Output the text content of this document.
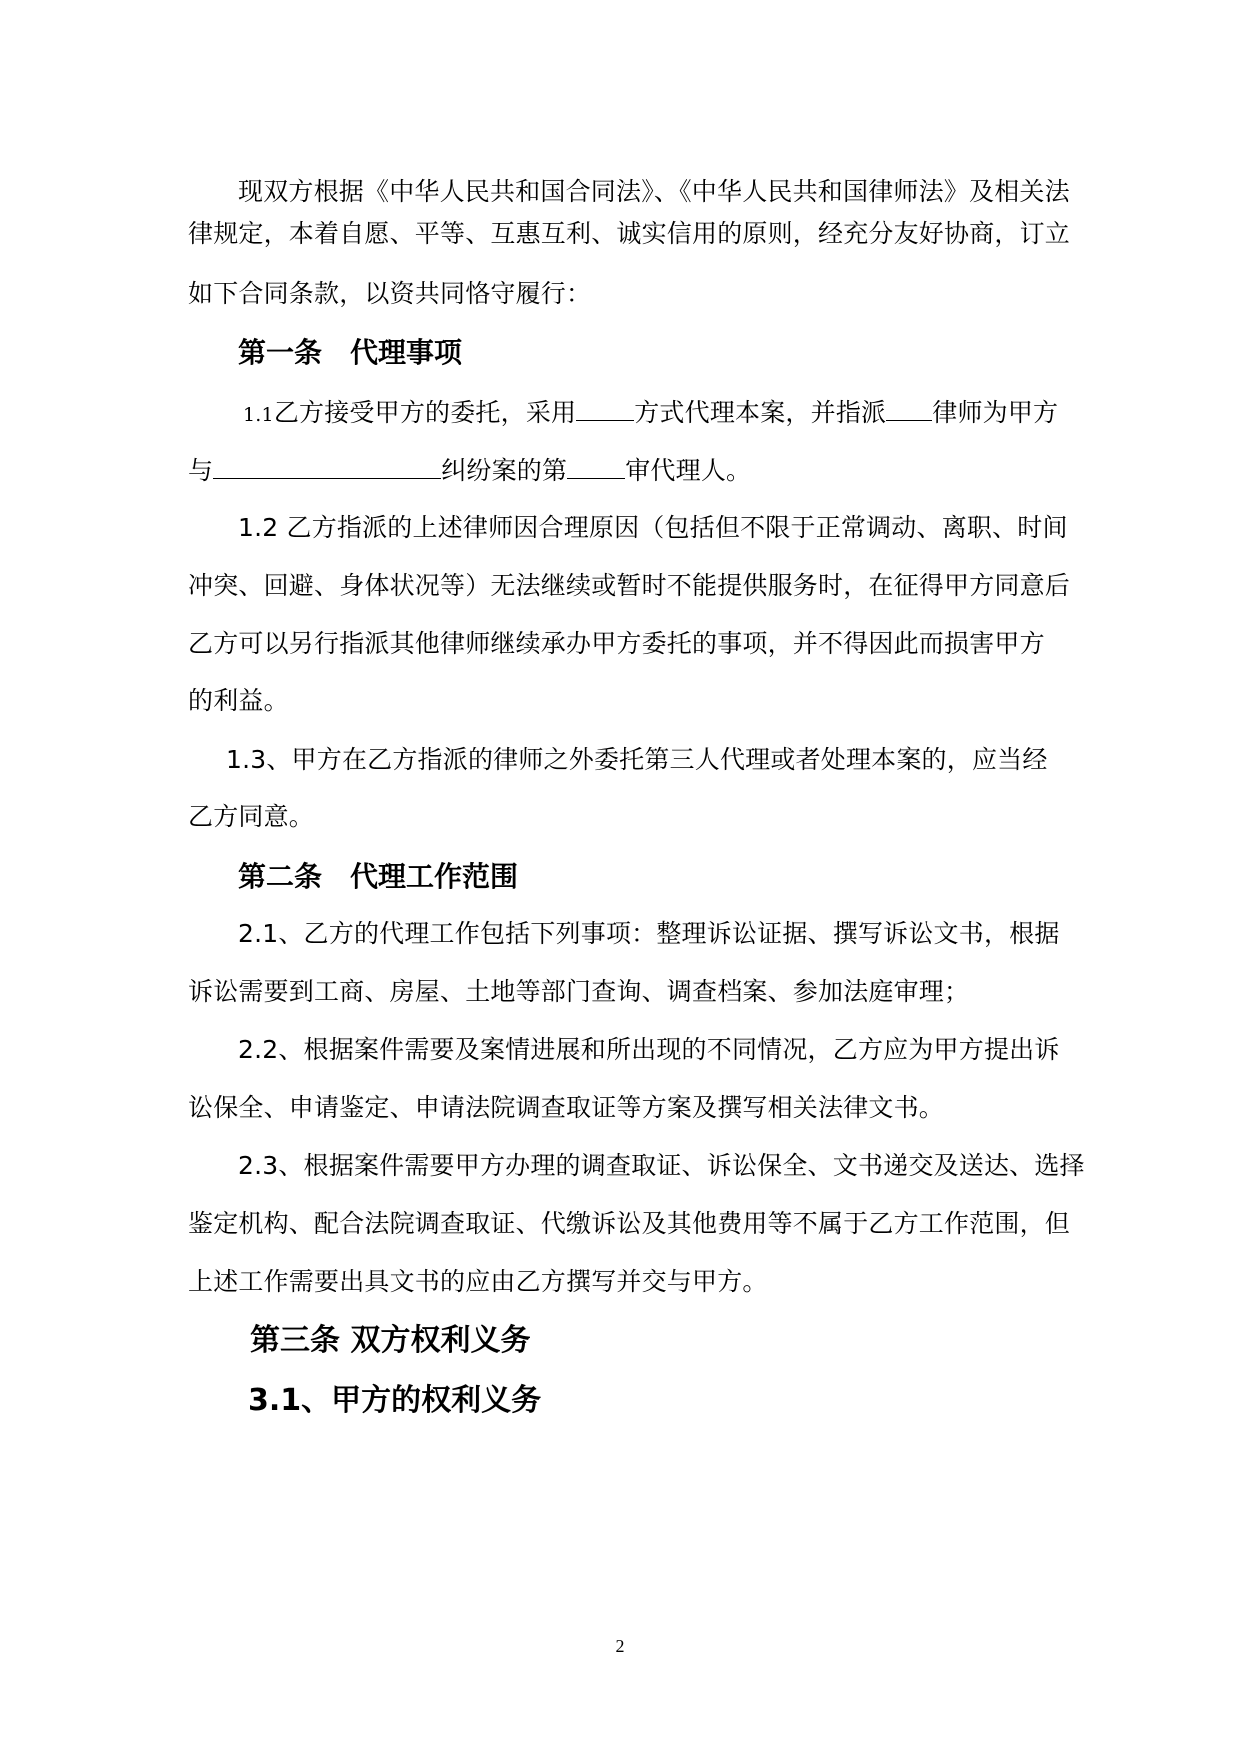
现双方根据《中华人民共和国合同法》、《中华人民共和国律师法》及相关法
律规定，本着自愿、平等、互惠互利、诚实信用的原则，经充分友好协商，订立
如下合同条款，以资共同恪守履行：
第一条　代理事项
1.1乙方接受甲方的委托，采用 方式代理本案，并指派 律师为甲方
与	纠纷案的第 审代理人。
1.2 乙方指派的上述律师因合理原因（包括但不限于正常调动、离职、时间
冲突、回避、身体状况等）无法继续或暂时不能提供服务时，在征得甲方同意后
乙方可以另行指派其他律师继续承办甲方委托的事项，并不得因此而损害甲方
的利益。
1.3、甲方在乙方指派的律师之外委托第三人代理或者处理本案的，应当经
乙方同意。
第二条　代理工作范围
2.1、乙方的代理工作包括下列事项：整理诉讼证据、撰写诉讼文书，根据
诉讼需要到工商、房屋、土地等部门查询、调查档案、参加法庭审理；
2.2、根据案件需要及案情进展和所出现的不同情况，乙方应为甲方提出诉
讼保全、申请鉴定、申请法院调查取证等方案及撰写相关法律文书。
2.3、根据案件需要甲方办理的调查取证、诉讼保全、文书递交及送达、选择
鉴定机构、配合法院调查取证、代缴诉讼及其他费用等不属于乙方工作范围，但
上述工作需要出具文书的应由乙方撰写并交与甲方。
第三条 双方权利义务
3.1、甲方的权利义务
2
